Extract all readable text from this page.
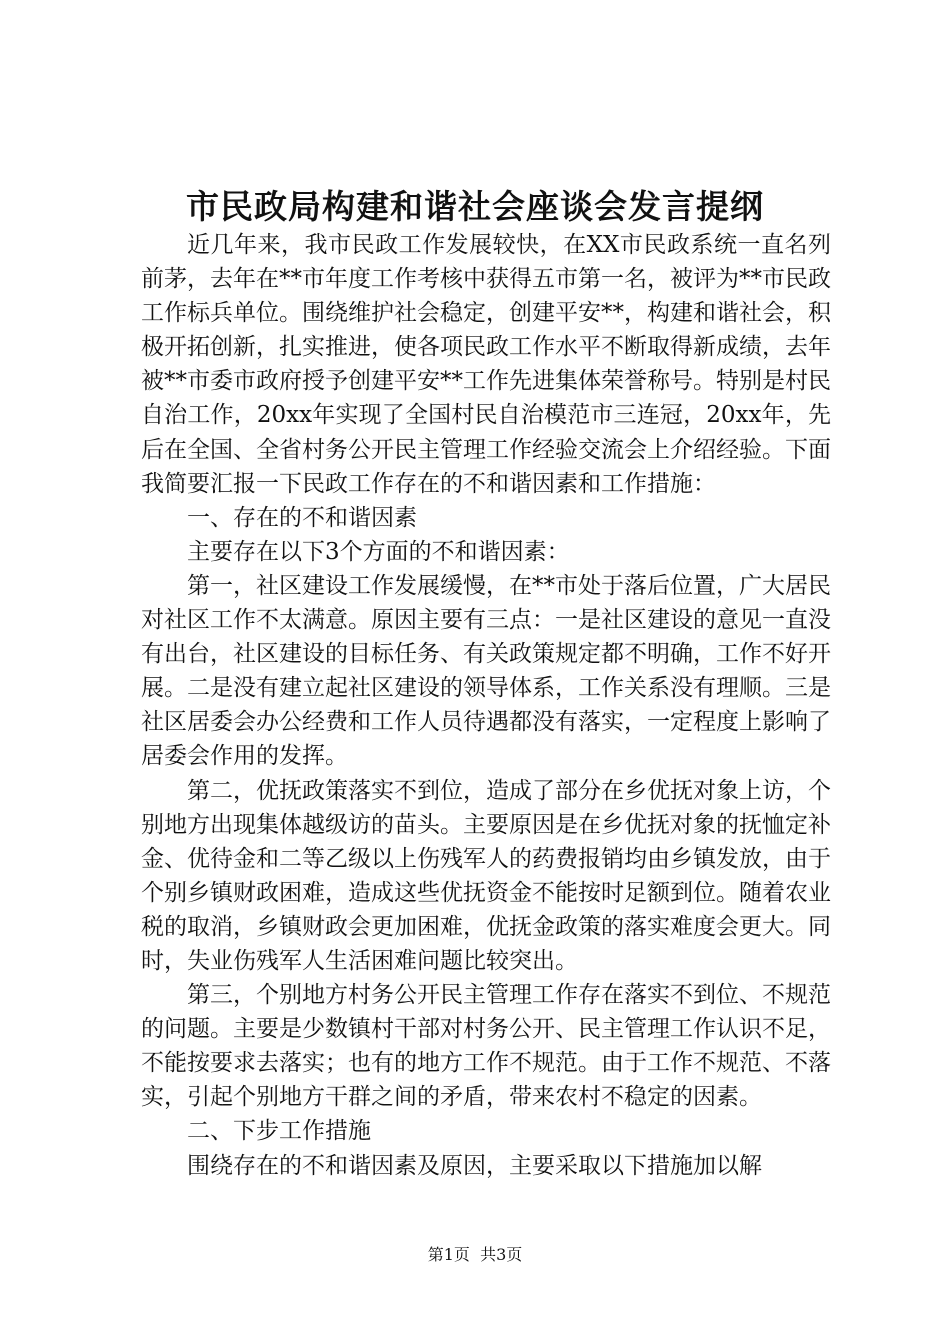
市民政局构建和谐社会座谈会发言提纲

近几年来，我市民政工作发展较快，在XX市民政系统一直名列前茅，去年在**市年度工作考核中获得五市第一名，被评为**市民政工作标兵单位。围绕维护社会稳定，创建平安**，构建和谐社会，积极开拓创新，扎实推进，使各项民政工作水平不断取得新成绩，去年被**市委市政府授予创建平安**工作先进集体荣誉称号。特别是村民自治工作，20xx年实现了全国村民自治模范市三连冠，20xx年，先后在全国、全省村务公开民主管理工作经验交流会上介绍经验。下面我简要汇报一下民政工作存在的不和谐因素和工作措施：

一、存在的不和谐因素

主要存在以下3个方面的不和谐因素：

第一，社区建设工作发展缓慢，在**市处于落后位置，广大居民对社区工作不太满意。原因主要有三点：一是社区建设的意见一直没有出台，社区建设的目标任务、有关政策规定都不明确，工作不好开展。二是没有建立起社区建设的领导体系，工作关系没有理顺。三是社区居委会办公经费和工作人员待遇都没有落实，一定程度上影响了居委会作用的发挥。

第二，优抚政策落实不到位，造成了部分在乡优抚对象上访，个别地方出现集体越级访的苗头。主要原因是在乡优抚对象的抚恤定补金、优待金和二等乙级以上伤残军人的药费报销均由乡镇发放，由于个别乡镇财政困难，造成这些优抚资金不能按时足额到位。随着农业税的取消，乡镇财政会更加困难，优抚金政策的落实难度会更大。同时，失业伤残军人生活困难问题比较突出。

第三，个别地方村务公开民主管理工作存在落实不到位、不规范的问题。主要是少数镇村干部对村务公开、民主管理工作认识不足，不能按要求去落实；也有的地方工作不规范。由于工作不规范、不落实，引起个别地方干群之间的矛盾，带来农村不稳定的因素。

二、下步工作措施

围绕存在的不和谐因素及原因，主要采取以下措施加以解

第1页 共3页
